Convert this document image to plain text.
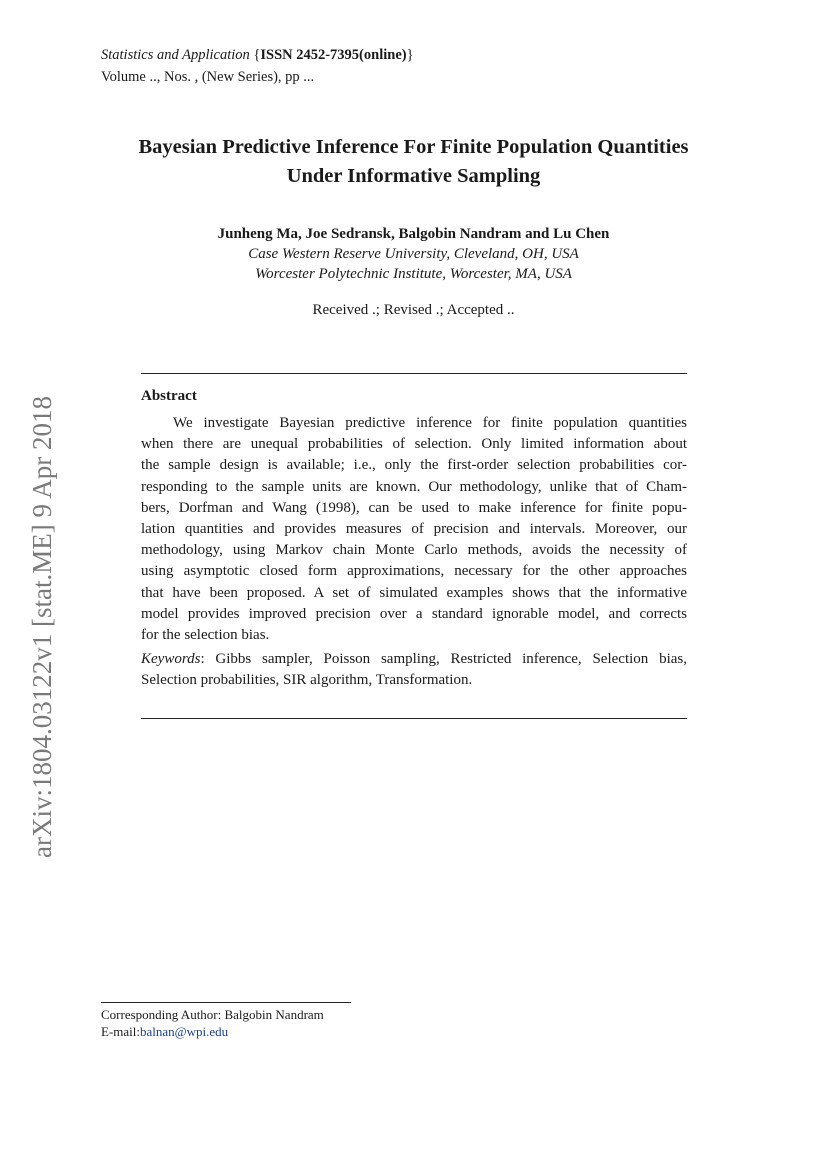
Statistics and Application {ISSN 2452-7395(online)}
Volume .., Nos. , (New Series), pp ...
Bayesian Predictive Inference For Finite Population Quantities
Under Informative Sampling
Junheng Ma, Joe Sedransk, Balgobin Nandram and Lu Chen
Case Western Reserve University, Cleveland, OH, USA
Worcester Polytechnic Institute, Worcester, MA, USA
Received .; Revised .; Accepted ..
Abstract
We investigate Bayesian predictive inference for finite population quantities
when there are unequal probabilities of selection. Only limited information about
the sample design is available; i.e., only the first-order selection probabilities cor-
responding to the sample units are known. Our methodology, unlike that of Cham-
bers, Dorfman and Wang (1998), can be used to make inference for finite popu-
lation quantities and provides measures of precision and intervals. Moreover, our
methodology, using Markov chain Monte Carlo methods, avoids the necessity of
using asymptotic closed form approximations, necessary for the other approaches
that have been proposed. A set of simulated examples shows that the informative
model provides improved precision over a standard ignorable model, and corrects
for the selection bias.
Keywords: Gibbs sampler, Poisson sampling, Restricted inference, Selection bias,
Selection probabilities, SIR algorithm, Transformation.
arXiv:1804.03122v1 [stat.ME] 9 Apr 2018
Corresponding Author: Balgobin Nandram
E-mail:balnan@wpi.edu
